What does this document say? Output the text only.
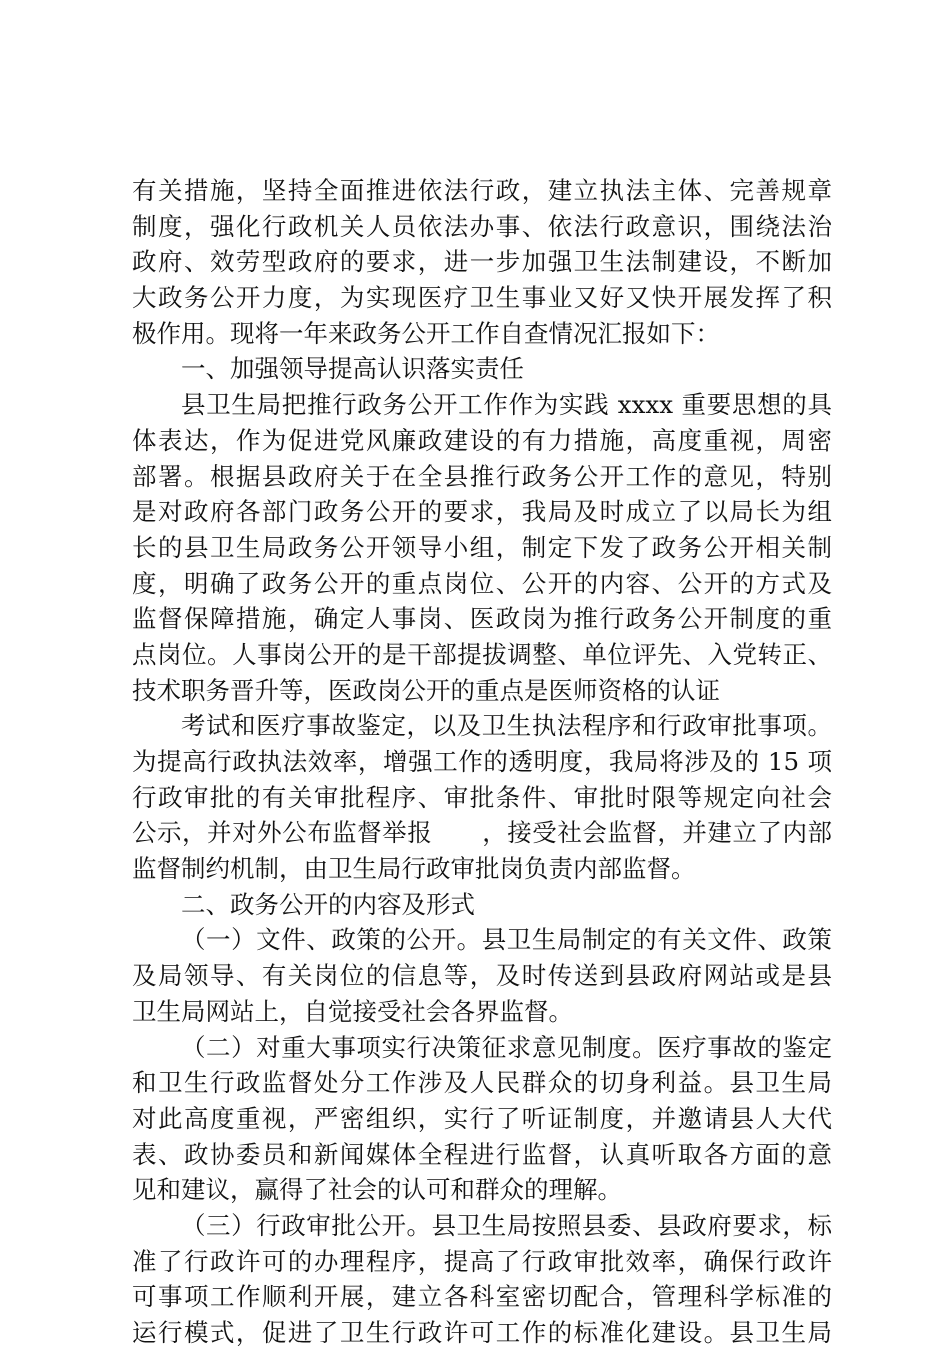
有关措施，坚持全面推进依法行政，建立执法主体、完善规章
制度，强化行政机关人员依法办事、依法行政意识，围绕法治
政府、效劳型政府的要求，进一步加强卫生法制建设，不断加
大政务公开力度，为实现医疗卫生事业又好又快开展发挥了积
极作用。现将一年来政务公开工作自查情况汇报如下：
一、加强领导提高认识落实责任
县卫生局把推行政务公开工作作为实践 xxxx 重要思想的具
体表达，作为促进党风廉政建设的有力措施，高度重视，周密
部署。根据县政府关于在全县推行政务公开工作的意见，特别
是对政府各部门政务公开的要求，我局及时成立了以局长为组
长的县卫生局政务公开领导小组，制定下发了政务公开相关制
度，明确了政务公开的重点岗位、公开的内容、公开的方式及
监督保障措施，确定人事岗、医政岗为推行政务公开制度的重
点岗位。人事岗公开的是干部提拔调整、单位评先、入党转正、
技术职务晋升等，医政岗公开的重点是医师资格的认证
考试和医疗事故鉴定，以及卫生执法程序和行政审批事项。
为提高行政执法效率，增强工作的透明度，我局将涉及的 15 项
行政审批的有关审批程序、审批条件、审批时限等规定向社会
公示，并对外公布监督举报　　，接受社会监督，并建立了内部
监督制约机制，由卫生局行政审批岗负责内部监督。
二、政务公开的内容及形式
（一）文件、政策的公开。县卫生局制定的有关文件、政策
及局领导、有关岗位的信息等，及时传送到县政府网站或是县
卫生局网站上，自觉接受社会各界监督。
（二）对重大事项实行决策征求意见制度。医疗事故的鉴定
和卫生行政监督处分工作涉及人民群众的切身利益。县卫生局
对此高度重视，严密组织，实行了听证制度，并邀请县人大代
表、政协委员和新闻媒体全程进行监督，认真听取各方面的意
见和建议，赢得了社会的认可和群众的理解。
（三）行政审批公开。县卫生局按照县委、县政府要求，标
准了行政许可的办理程序，提高了行政审批效率，确保行政许
可事项工作顺利开展，建立各科室密切配合，管理科学标准的
运行模式，促进了卫生行政许可工作的标准化建设。县卫生局
